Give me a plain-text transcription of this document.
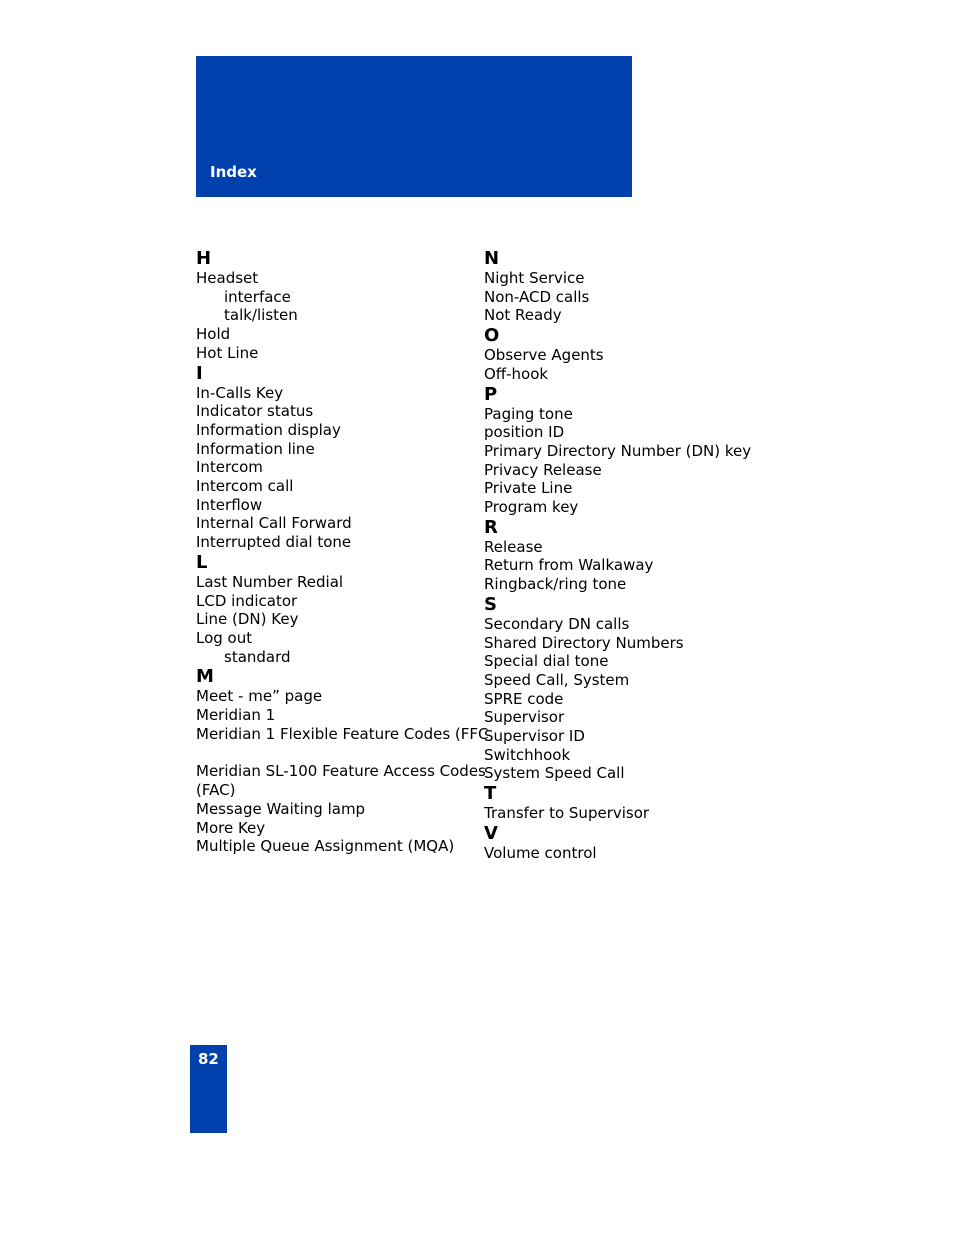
Index
H
Headset
interface
talk/listen
Hold
Hot Line
I
In-Calls Key
Indicator status
Information display
Information line
Intercom
Intercom call
Interflow
Internal Call Forward
Interrupted dial tone
L
Last Number Redial
LCD indicator
Line (DN) Key
Log out
standard
M
Meet - me” page
Meridian 1
Meridian 1 Flexible Feature Codes (FFC
Meridian SL-100 Feature Access Codes
(FAC)
Message Waiting lamp
More Key
Multiple Queue Assignment (MQA)
N
Night Service
Non-ACD calls
Not Ready
O
Observe Agents
Off-hook
P
Paging tone
position ID
Primary Directory Number (DN) key
Privacy Release
Private Line
Program key
R
Release
Return from Walkaway
Ringback/ring tone
S
Secondary DN calls
Shared Directory Numbers
Special dial tone
Speed Call, System
SPRE code
Supervisor
Supervisor ID
Switchhook
System Speed Call
T
Transfer to Supervisor
V
Volume control
82
